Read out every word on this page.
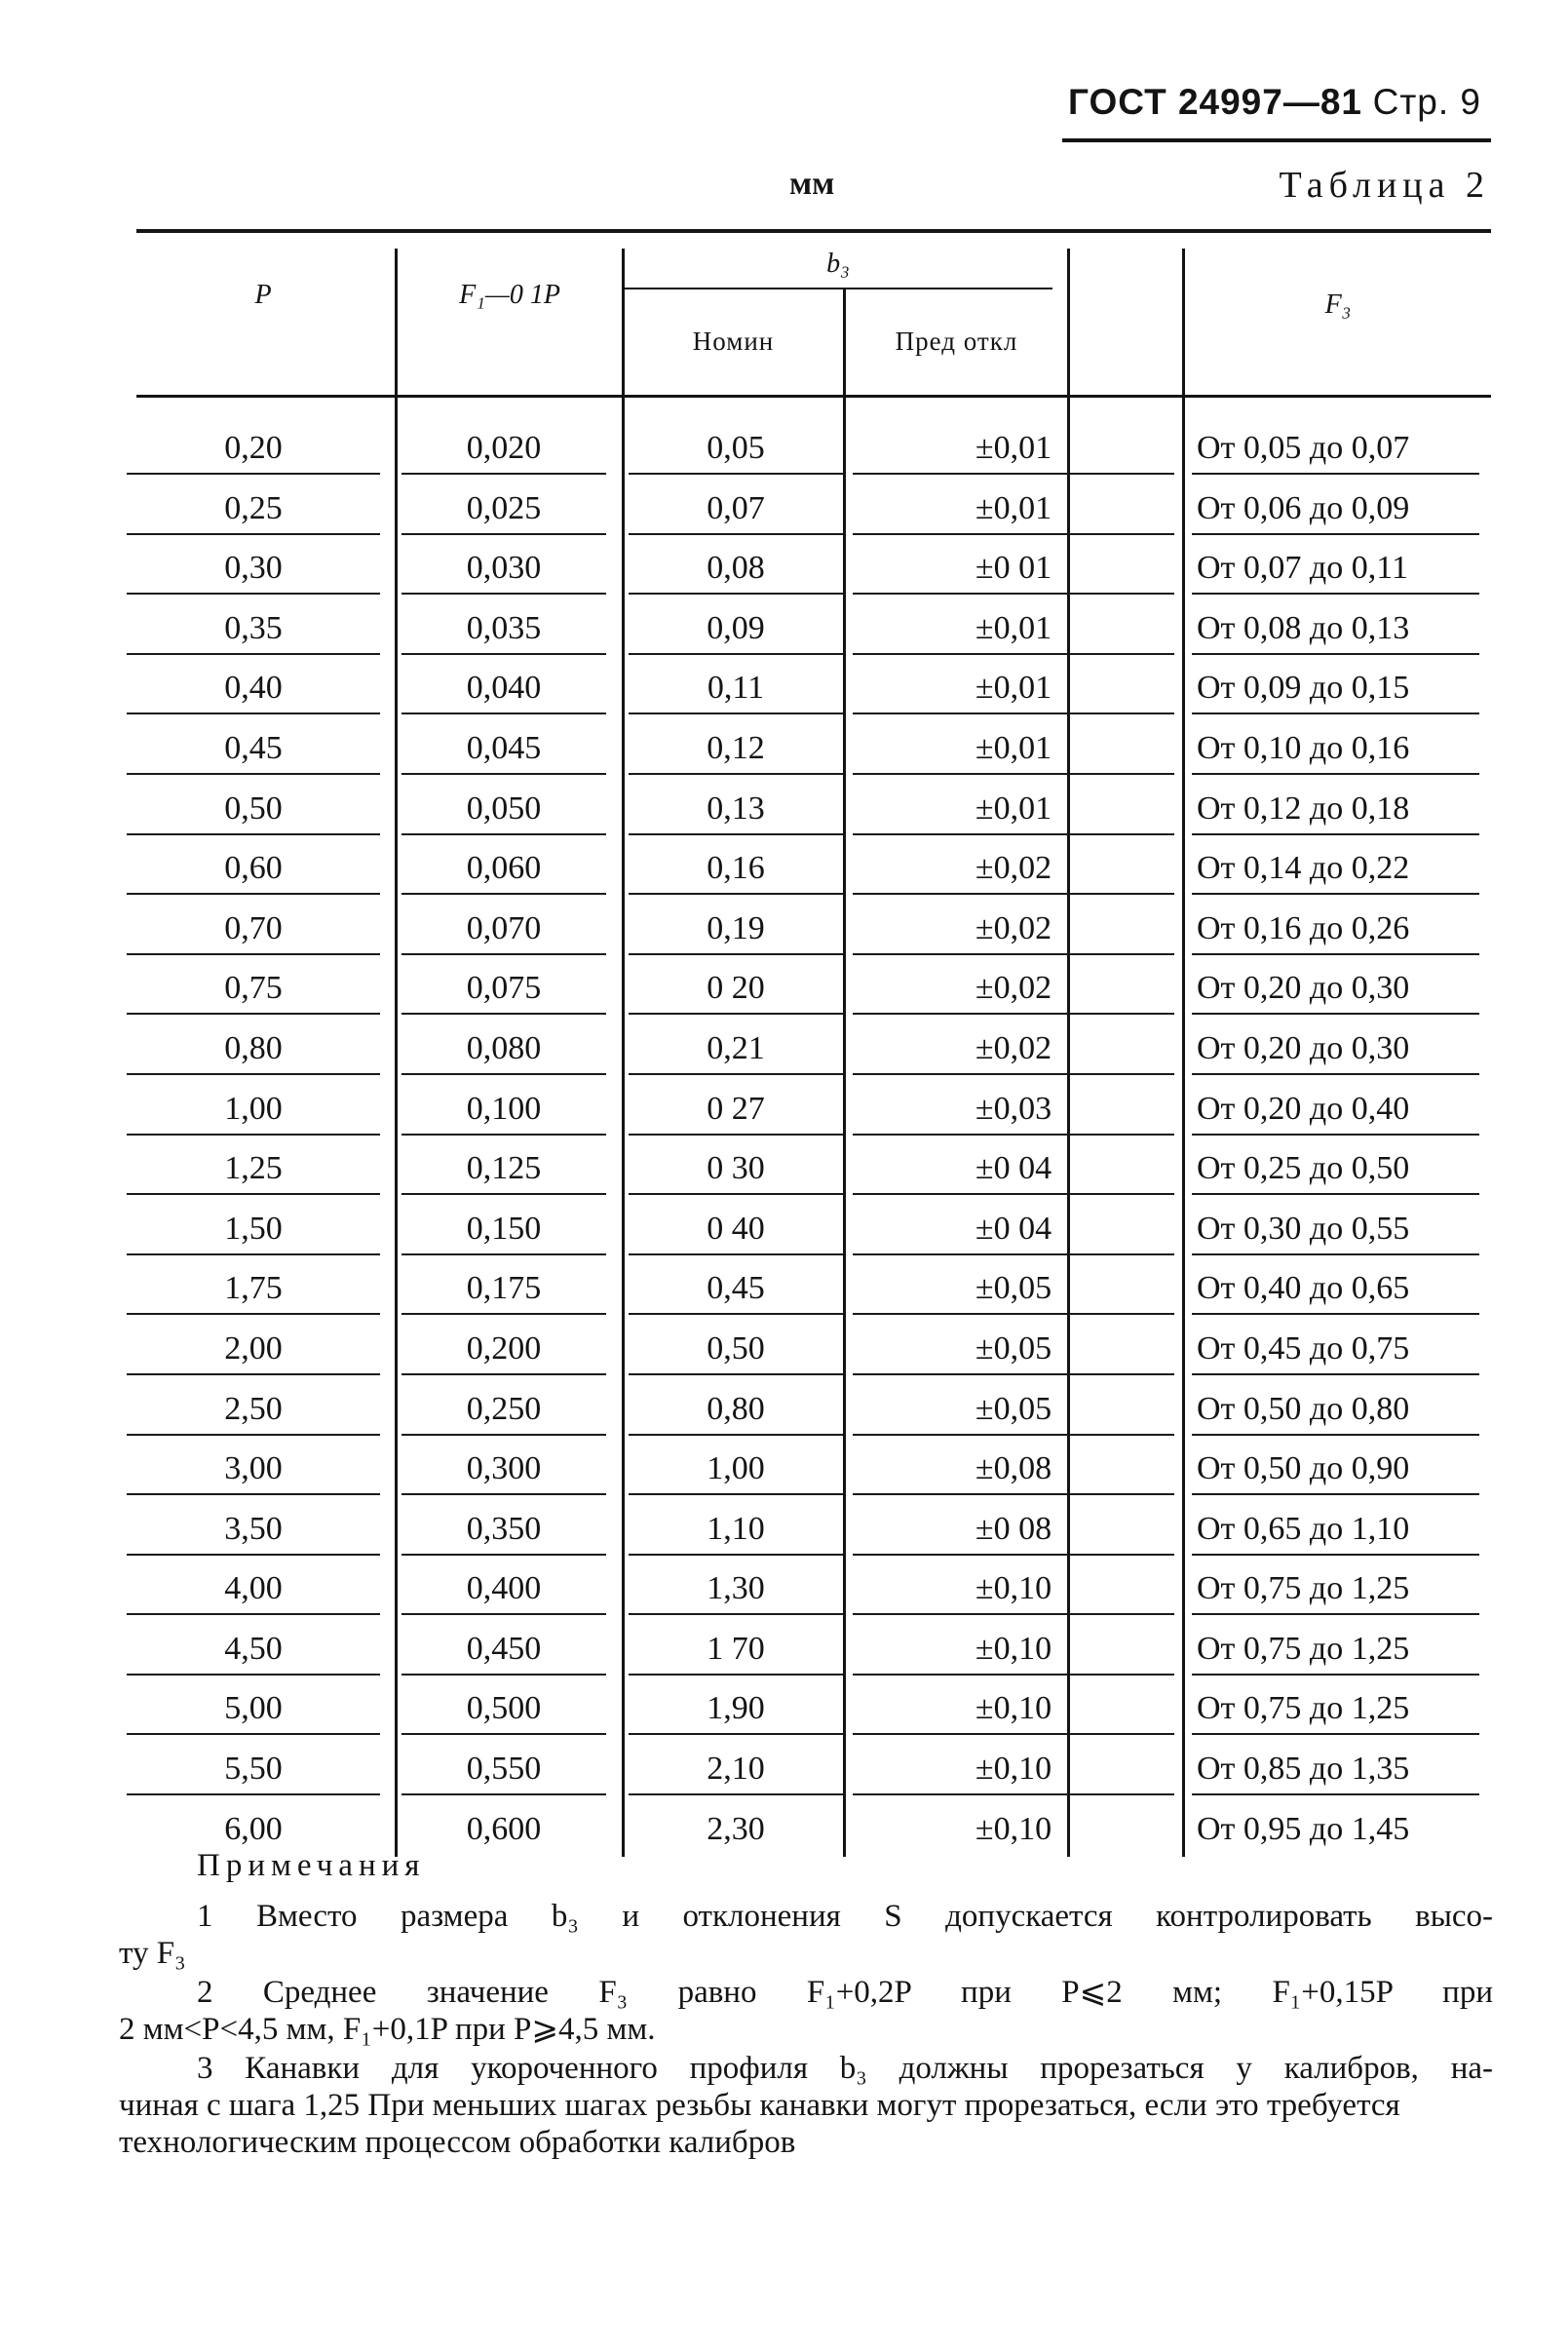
ГОСТ 24997—81 Стр. 9
мм	Таблица 2
P	F₁—0 1P
b₃
Номин	Пред откл
F₃
0,20	0,020	0,05	±0,01	От 0,05 до 0,07
0,25	0,025	0,07	±0,01	От 0,06 до 0,09
0,30	0,030	0,08	±0 01	От 0,07 до 0,11
0,35	0,035	0,09	±0,01	От 0,08 до 0,13
0,40	0,040	0,11	±0,01	От 0,09 до 0,15
0,45	0,045	0,12	±0,01	От 0,10 до 0,16
0,50	0,050	0,13	±0,01	От 0,12 до 0,18
0,60	0,060	0,16	±0,02	От 0,14 до 0,22
0,70	0,070	0,19	±0,02	От 0,16 до 0,26
0,75	0,075	0 20	±0,02	От 0,20 до 0,30
0,80	0,080	0,21	±0,02	От 0,20 до 0,30
1,00	0,100	0 27	±0,03	От 0,20 до 0,40
1,25	0,125	0 30	±0 04	От 0,25 до 0,50
1,50	0,150	0 40	±0 04	От 0,30 до 0,55
1,75	0,175	0,45	±0,05	От 0,40 до 0,65
2,00	0,200	0,50	±0,05	От 0,45 до 0,75
2,50	0,250	0,80	±0,05	От 0,50 до 0,80
3,00	0,300	1,00	±0,08	От 0,50 до 0,90
3,50	0,350	1,10	±0 08	От 0,65 до 1,10
4,00	0,400	1,30	±0,10	От 0,75 до 1,25
4,50	0,450	1 70	±0,10	От 0,75 до 1,25
5,00	0,500	1,90	±0,10	От 0,75 до 1,25
5,50	0,550	2,10	±0,10	От 0,85 до 1,35
6,00	0,600	2,30	±0,10	От 0,95 до 1,45
Примечания
1 Вместо размера b₃ и отклонения S допускается контролировать высо-
ту F₃
2 Среднее значение F₃ равно F₁+0,2P при P⩽2 мм; F₁+0,15P при
2 мм<P<4,5 мм, F₁+0,1P при P⩾4,5 мм.
3 Канавки для укороченного профиля b₃ должны прорезаться у калибров, на-
чиная с шага 1,25 При меньших шагах резьбы канавки могут прорезаться, если это требуется технологическим процессом обработки калибров
